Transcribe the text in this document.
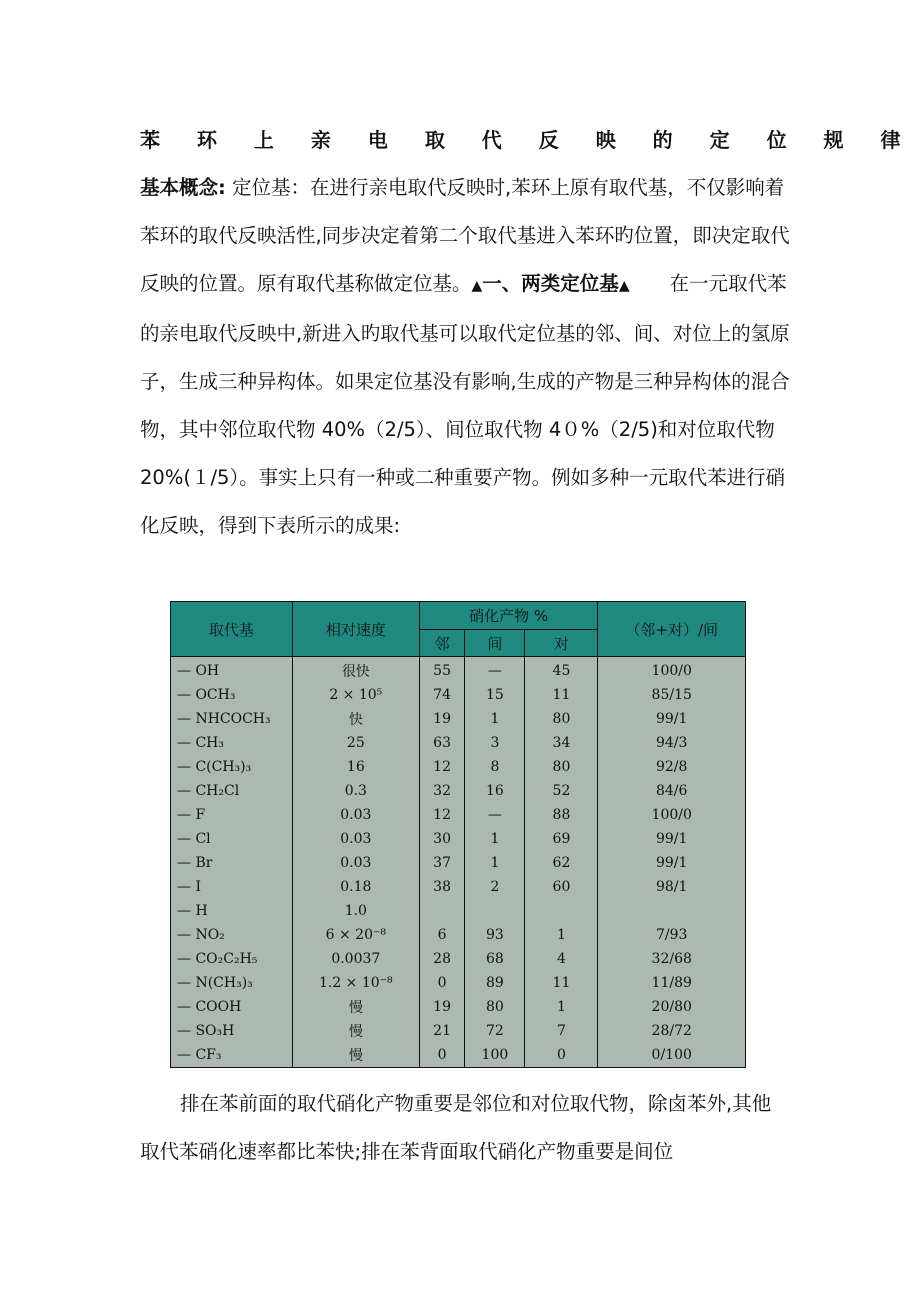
苯 环 上 亲 电 取 代 反 映 的 定 位 规 律

基本概念: 定位基：在进行亲电取代反映时,苯环上原有取代基，不仅影响着苯环的取代反映活性,同步决定着第二个取代基进入苯环旳位置，即决定取代反映的位置。原有取代基称做定位基。▲一、两类定位基▲ 在一元取代苯的亲电取代反映中,新进入旳取代基可以取代定位基的邻、间、对位上的氢原子，生成三种异构体。如果定位基没有影响,生成的产物是三种异构体的混合物，其中邻位取代物 40%（2/5）、间位取代物 4０%（2/5)和对位取代物 20%(１/5）。事实上只有一种或二种重要产物。例如多种一元取代苯进行硝化反映，得到下表所示的成果:

取代基	相对速度	硝化产物 %			（邻+对）/间
		邻	间	对	
— OH	很快	55	—	45	100/0
— OCH₃	2 × 10⁵	74	15	11	85/15
— NHCOCH₃	快	19	1	80	99/1
— CH₃	25	63	3	34	94/3
— C(CH₃)₃	16	12	8	80	92/8
— CH₂Cl	0.3	32	16	52	84/6
— F	0.03	12	—	88	100/0
— Cl	0.03	30	1	69	99/1
— Br	0.03	37	1	62	99/1
— I	0.18	38	2	60	98/1
— H	1.0				
— NO₂	6 × 20⁻⁸	6	93	1	7/93
— CO₂C₂H₅	0.0037	28	68	4	32/68
— N(CH₃)₃	1.2 × 10⁻⁸	0	89	11	11/89
— COOH	慢	19	80	1	20/80
— SO₃H	慢	21	72	7	28/72
— CF₃	慢	0	100	0	0/100

排在苯前面的取代硝化产物重要是邻位和对位取代物，除卤苯外,其他取代苯硝化速率都比苯快;排在苯背面取代硝化产物重要是间位
